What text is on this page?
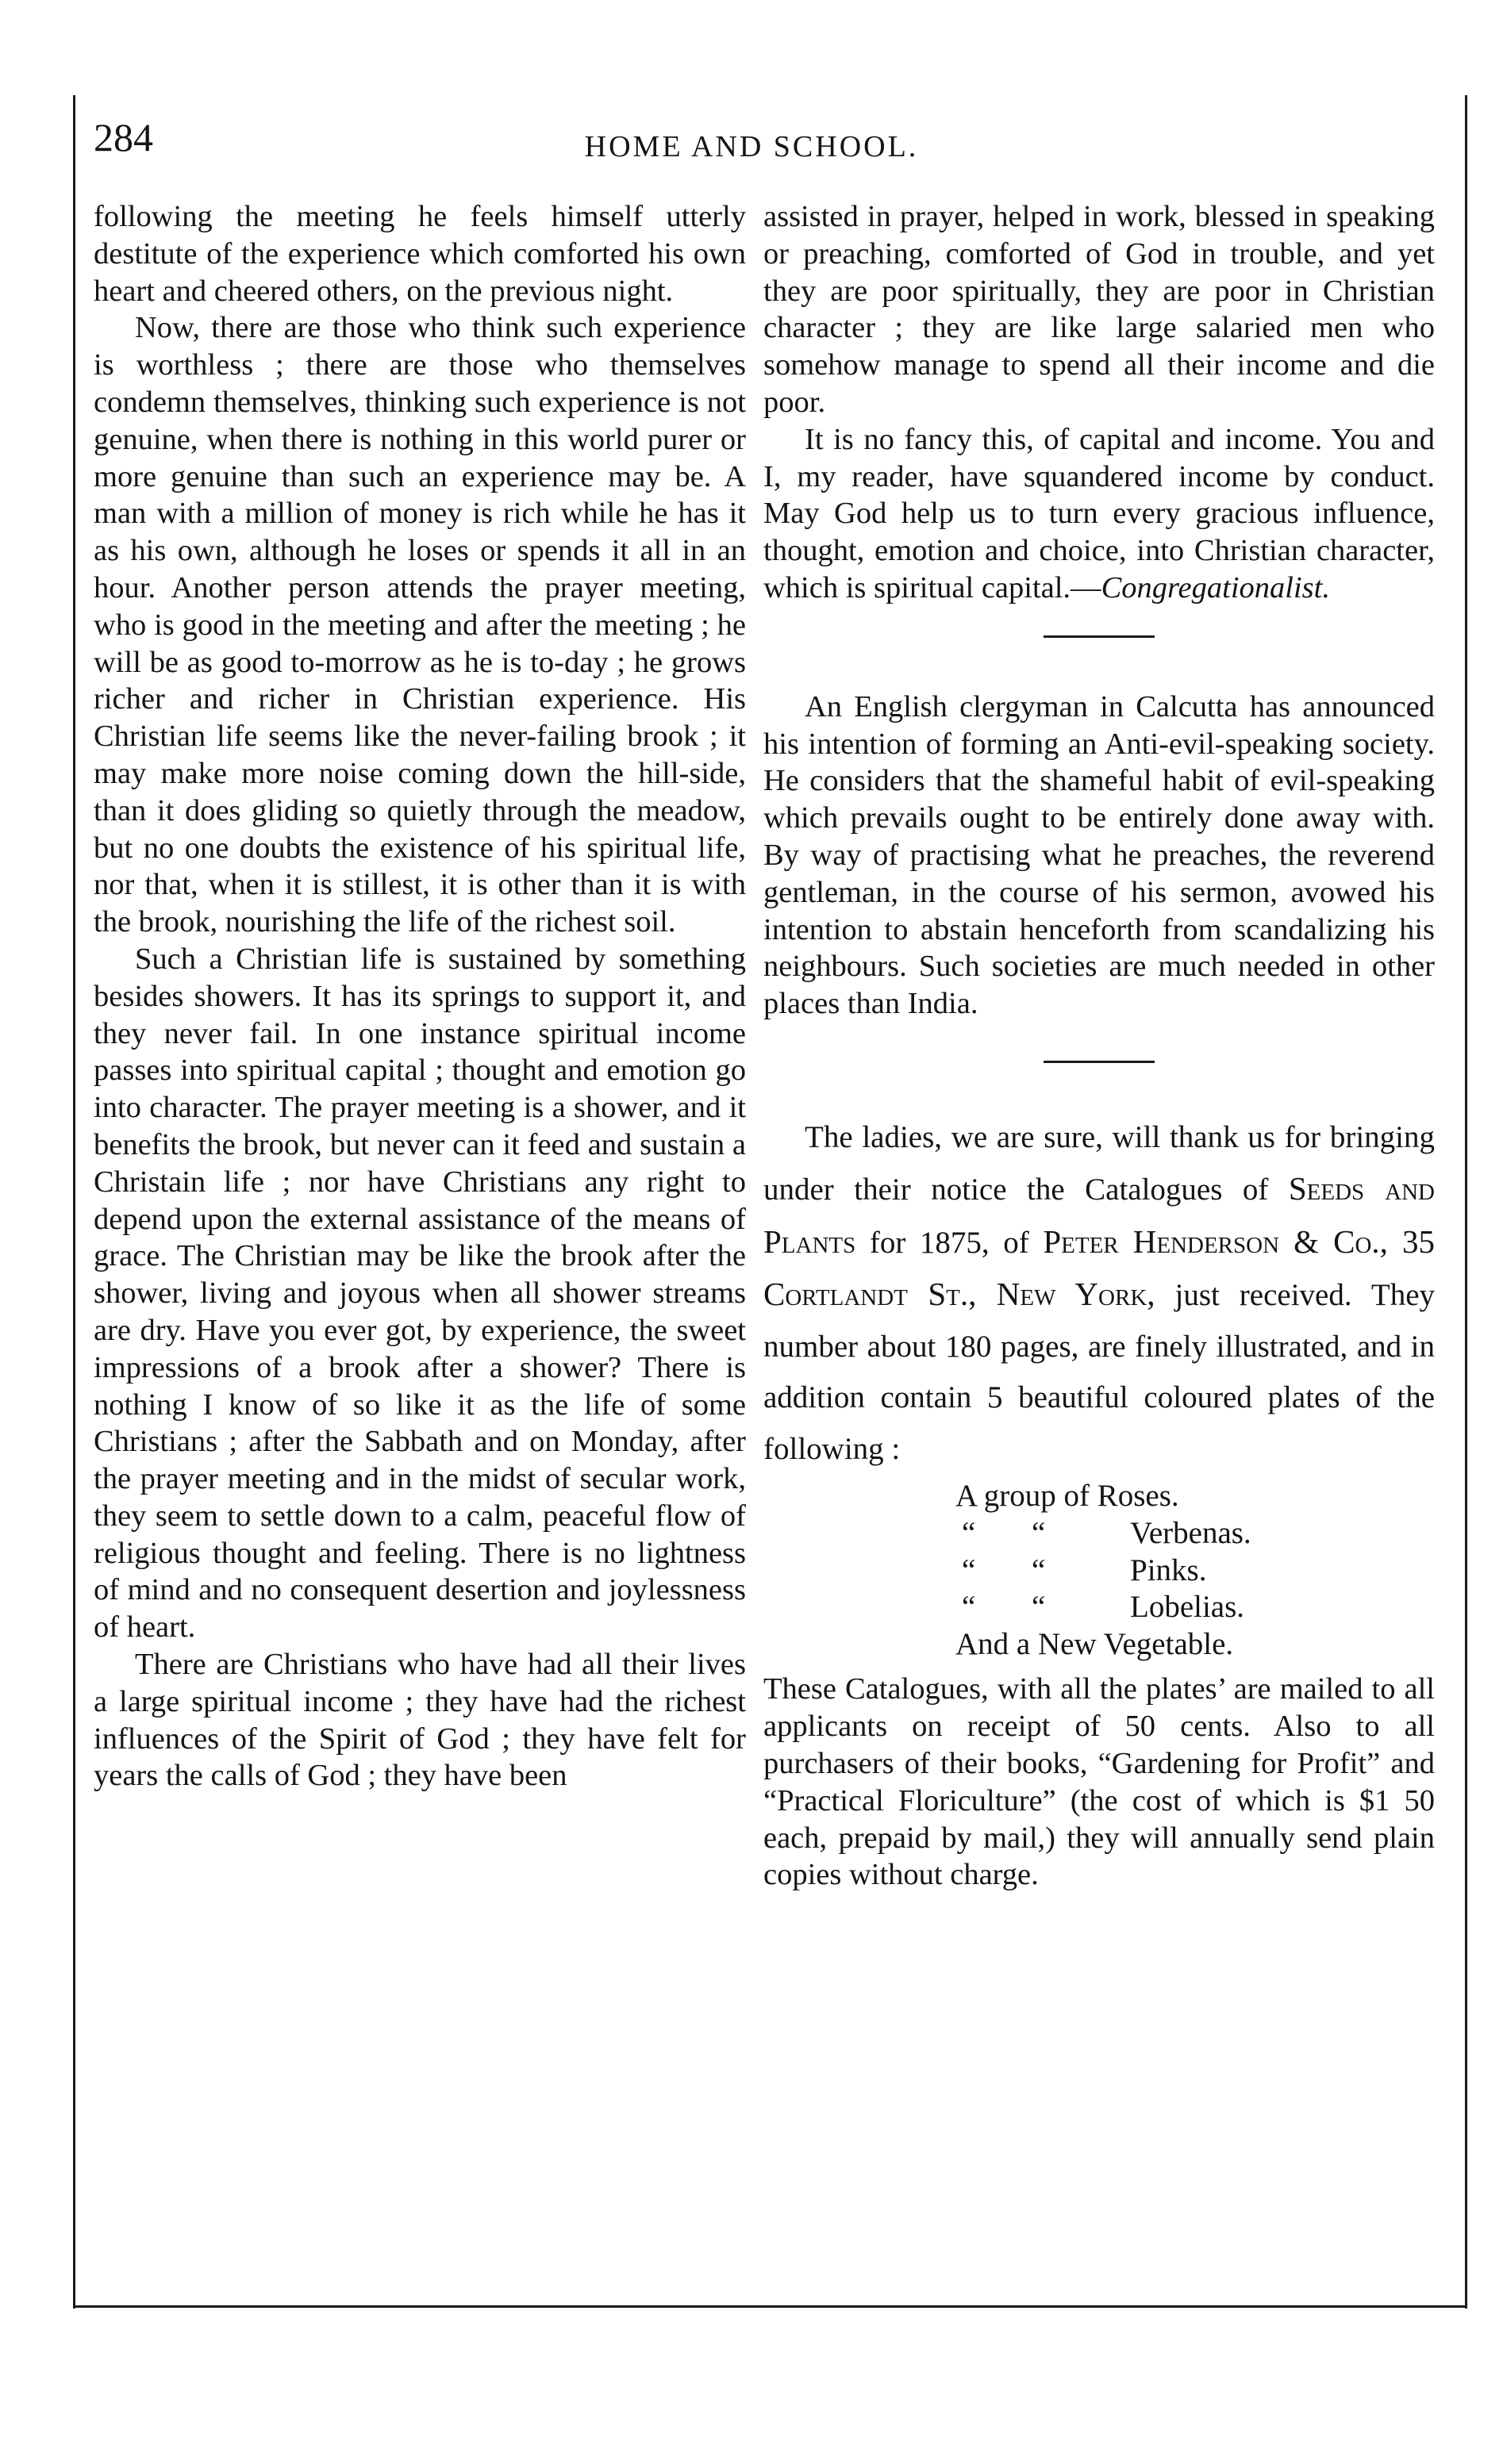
284	HOME AND SCHOOL.

following the meeting he feels himself utterly destitute of the experience which comforted his own heart and cheered others, on the previous night.

Now, there are those who think such experience is worthless ; there are those who themselves condemn themselves, thinking such experience is not genuine, when there is nothing in this world purer or more genuine than such an experience may be. A man with a million of money is rich while he has it as his own, although he loses or spends it all in an hour. Another person attends the prayer meeting, who is good in the meeting and after the meeting ; he will be as good to-morrow as he is to-day ; he grows richer and richer in Christian experience. His Christian life seems like the never-failing brook ; it may make more noise coming down the hill-side, than it does gliding so quietly through the meadow, but no one doubts the existence of his spiritual life, nor that, when it is stillest, it is other than it is with the brook, nourishing the life of the richest soil.

Such a Christian life is sustained by something besides showers. It has its springs to support it, and they never fail. In one instance spiritual income passes into spiritual capital ; thought and emotion go into character. The prayer meeting is a shower, and it benefits the brook, but never can it feed and sustain a Christain life ; nor have Christians any right to depend upon the external assistance of the means of grace. The Christian may be like the brook after the shower, living and joyous when all shower streams are dry. Have you ever got, by experience, the sweet impressions of a brook after a shower? There is nothing I know of so like it as the life of some Christians ; after the Sabbath and on Monday, after the prayer meeting and in the midst of secular work, they seem to settle down to a calm, peaceful flow of religious thought and feeling. There is no lightness of mind and no consequent desertion and joylessness of heart.

There are Christians who have had all their lives a large spiritual income ; they have had the richest influences of the Spirit of God ; they have felt for years the calls of God ; they have been

assisted in prayer, helped in work, blessed in speaking or preaching, comforted of God in trouble, and yet they are poor spiritually, they are poor in Christian character ; they are like large salaried men who somehow manage to spend all their income and die poor.

It is no fancy this, of capital and income. You and I, my reader, have squandered income by conduct. May God help us to turn every gracious influence, thought, emotion and choice, into Christian character, which is spiritual capital.—Congregationalist.

An English clergyman in Calcutta has announced his intention of forming an Anti-evil-speaking society. He considers that the shameful habit of evil-speaking which prevails ought to be entirely done away with. By way of practising what he preaches, the reverend gentleman, in the course of his sermon, avowed his intention to abstain henceforth from scandalizing his neighbours. Such societies are much needed in other places than India.

The ladies, we are sure, will thank us for bringing under their notice the Catalogues of Seeds and Plants for 1875, of Peter Henderson & Co., 35 Cortlandt St., New York, just received. They number about 180 pages, are finely illustrated, and in addition contain 5 beautiful coloured plates of the following :

A group of Roses.
“ “	Verbenas.
“ “	Pinks.
“ “	Lobelias.
And a New Vegetable.

These Catalogues, with all the plates’ are mailed to all applicants on receipt of 50 cents. Also to all purchasers of their books, “Gardening for Profit” and “Practical Floriculture” (the cost of which is $1 50 each, prepaid by mail,) they will annually send plain copies without charge.
